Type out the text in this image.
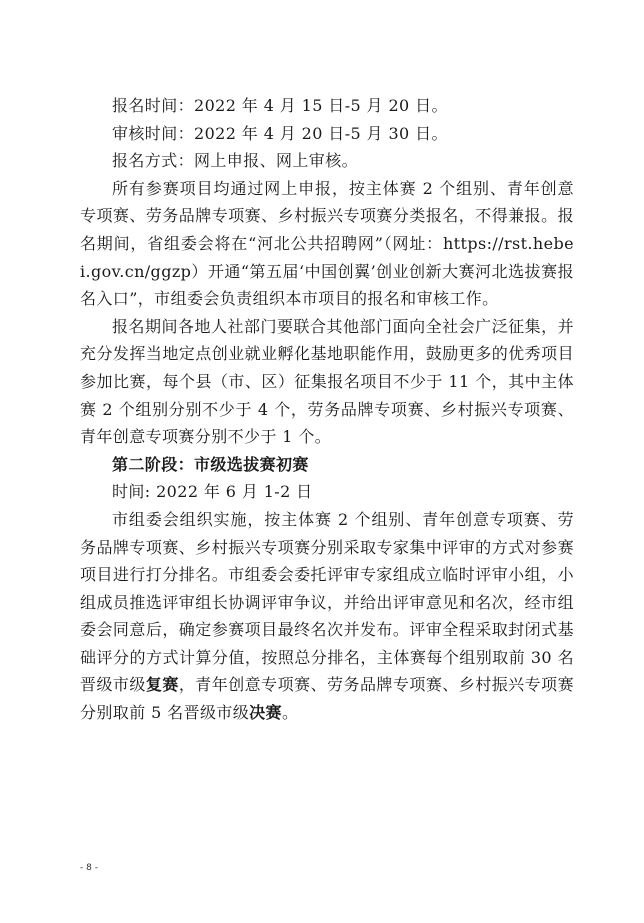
报名时间：2022 年 4 月 15 日-5 月 20 日。

审核时间：2022 年 4 月 20 日-5 月 30 日。

报名方式：网上申报、网上审核。

所有参赛项目均通过网上申报，按主体赛 2 个组别、青年创意专项赛、劳务品牌专项赛、乡村振兴专项赛分类报名，不得兼报。报名期间，省组委会将在“河北公共招聘网”（网址：https://rst.hebei.gov.cn/ggzp）开通“第五届‘中国创翼’创业创新大赛河北选拔赛报名入口”，市组委会负责组织本市项目的报名和审核工作。

报名期间各地人社部门要联合其他部门面向全社会广泛征集，并充分发挥当地定点创业就业孵化基地职能作用，鼓励更多的优秀项目参加比赛，每个县（市、区）征集报名项目不少于 11 个，其中主体赛 2 个组别分别不少于 4 个，劳务品牌专项赛、乡村振兴专项赛、青年创意专项赛分别不少于 1 个。

第二阶段：市级选拔赛初赛

时间: 2022 年 6 月 1-2 日

市组委会组织实施，按主体赛 2 个组别、青年创意专项赛、劳务品牌专项赛、乡村振兴专项赛分别采取专家集中评审的方式对参赛项目进行打分排名。市组委会委托评审专家组成立临时评审小组，小组成员推选评审组长协调评审争议，并给出评审意见和名次，经市组委会同意后，确定参赛项目最终名次并发布。评审全程采取封闭式基础评分的方式计算分值，按照总分排名，主体赛每个组别取前 30 名晋级市级复赛，青年创意专项赛、劳务品牌专项赛、乡村振兴专项赛分别取前 5 名晋级市级决赛。

- 8 -
